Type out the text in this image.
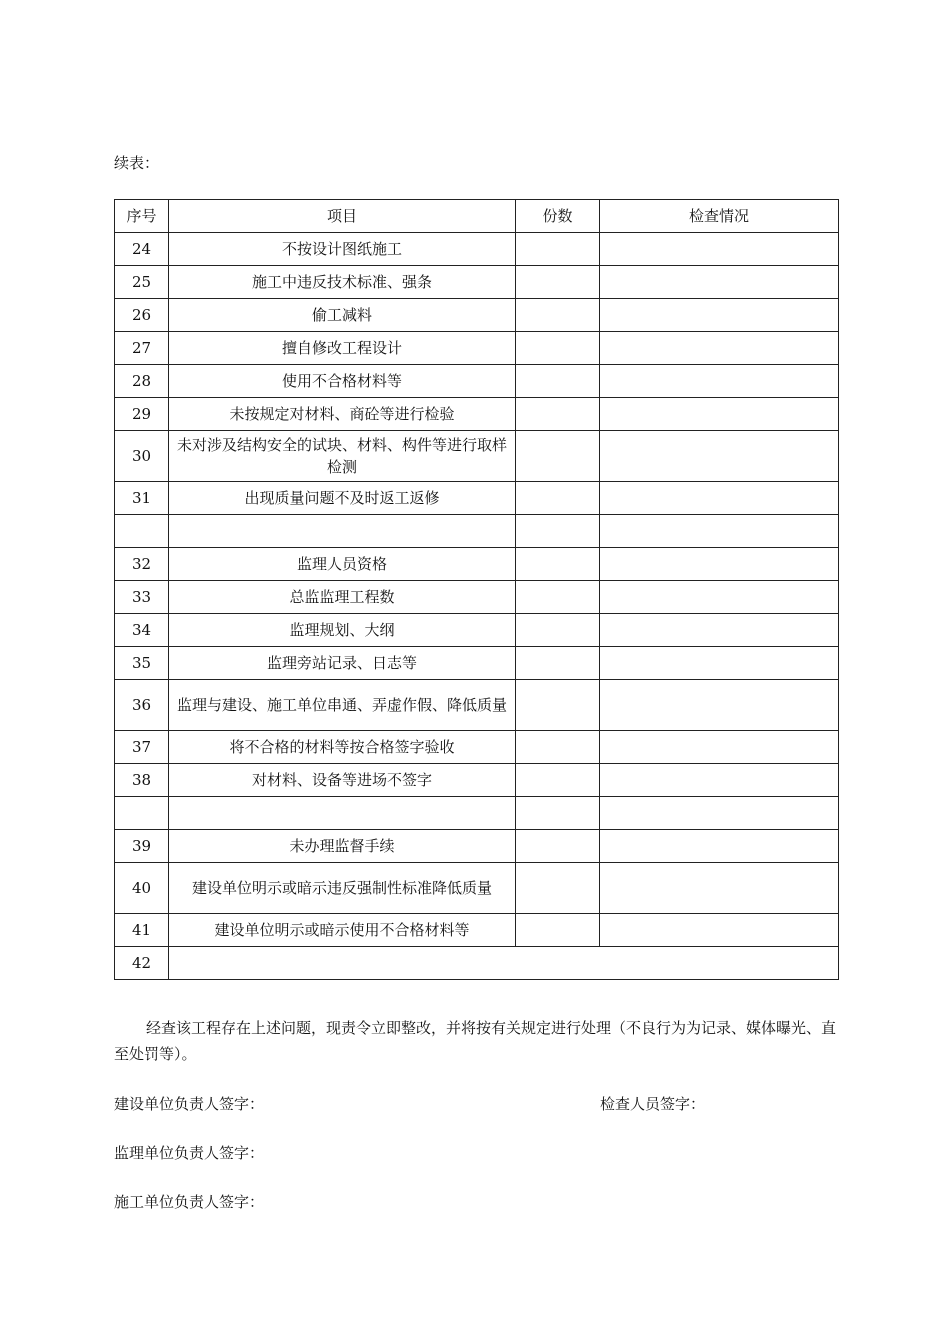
续表：
序号	项目	份数	检查情况
24	不按设计图纸施工		
25	施工中违反技术标准、强条		
26	偷工减料		
27	擅自修改工程设计		
28	使用不合格材料等		
29	未按规定对材料、商砼等进行检验		
30	未对涉及结构安全的试块、材料、构件等进行取样检测		
31	出现质量问题不及时返工返修		

32	监理人员资格		
33	总监监理工程数		
34	监理规划、大纲		
35	监理旁站记录、日志等		
36	监理与建设、施工单位串通、弄虚作假、降低质量		
37	将不合格的材料等按合格签字验收		
38	对材料、设备等进场不签字		

39	未办理监督手续		
40	建设单位明示或暗示违反强制性标准降低质量		
41	建设单位明示或暗示使用不合格材料等		
42			
经查该工程存在上述问题，现责令立即整改，并将按有关规定进行处理（不良行为为记录、媒体曝光、直至处罚等）。
建设单位负责人签字：	检查人员签字：
监理单位负责人签字：
施工单位负责人签字：
